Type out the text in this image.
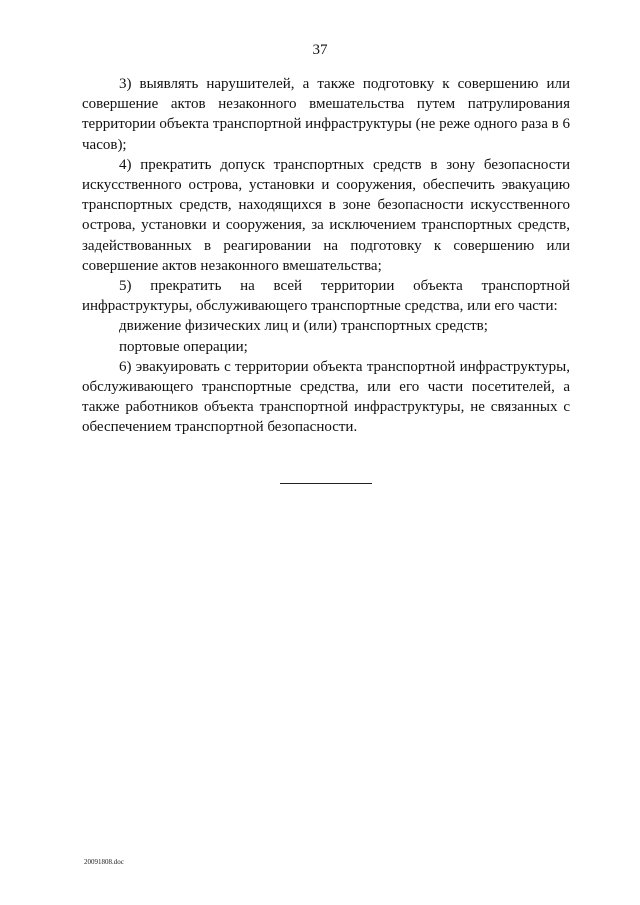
37

3) выявлять нарушителей, а также подготовку к совершению или совершение актов незаконного вмешательства путем патрулирования территории объекта транспортной инфраструктуры (не реже одного раза в 6 часов);

4) прекратить допуск транспортных средств в зону безопасности искусственного острова, установки и сооружения, обеспечить эвакуацию транспортных средств, находящихся в зоне безопасности искусственного острова, установки и сооружения, за исключением транспортных средств, задействованных в реагировании на подготовку к совершению или совершение актов незаконного вмешательства;

5) прекратить на всей территории объекта транспортной инфраструктуры, обслуживающего транспортные средства, или его части:

движение физических лиц и (или) транспортных средств;

портовые операции;

6) эвакуировать с территории объекта транспортной инфраструктуры, обслуживающего транспортные средства, или его части посетителей, а также работников объекта транспортной инфраструктуры, не связанных с обеспечением транспортной безопасности.

20091808.doc
